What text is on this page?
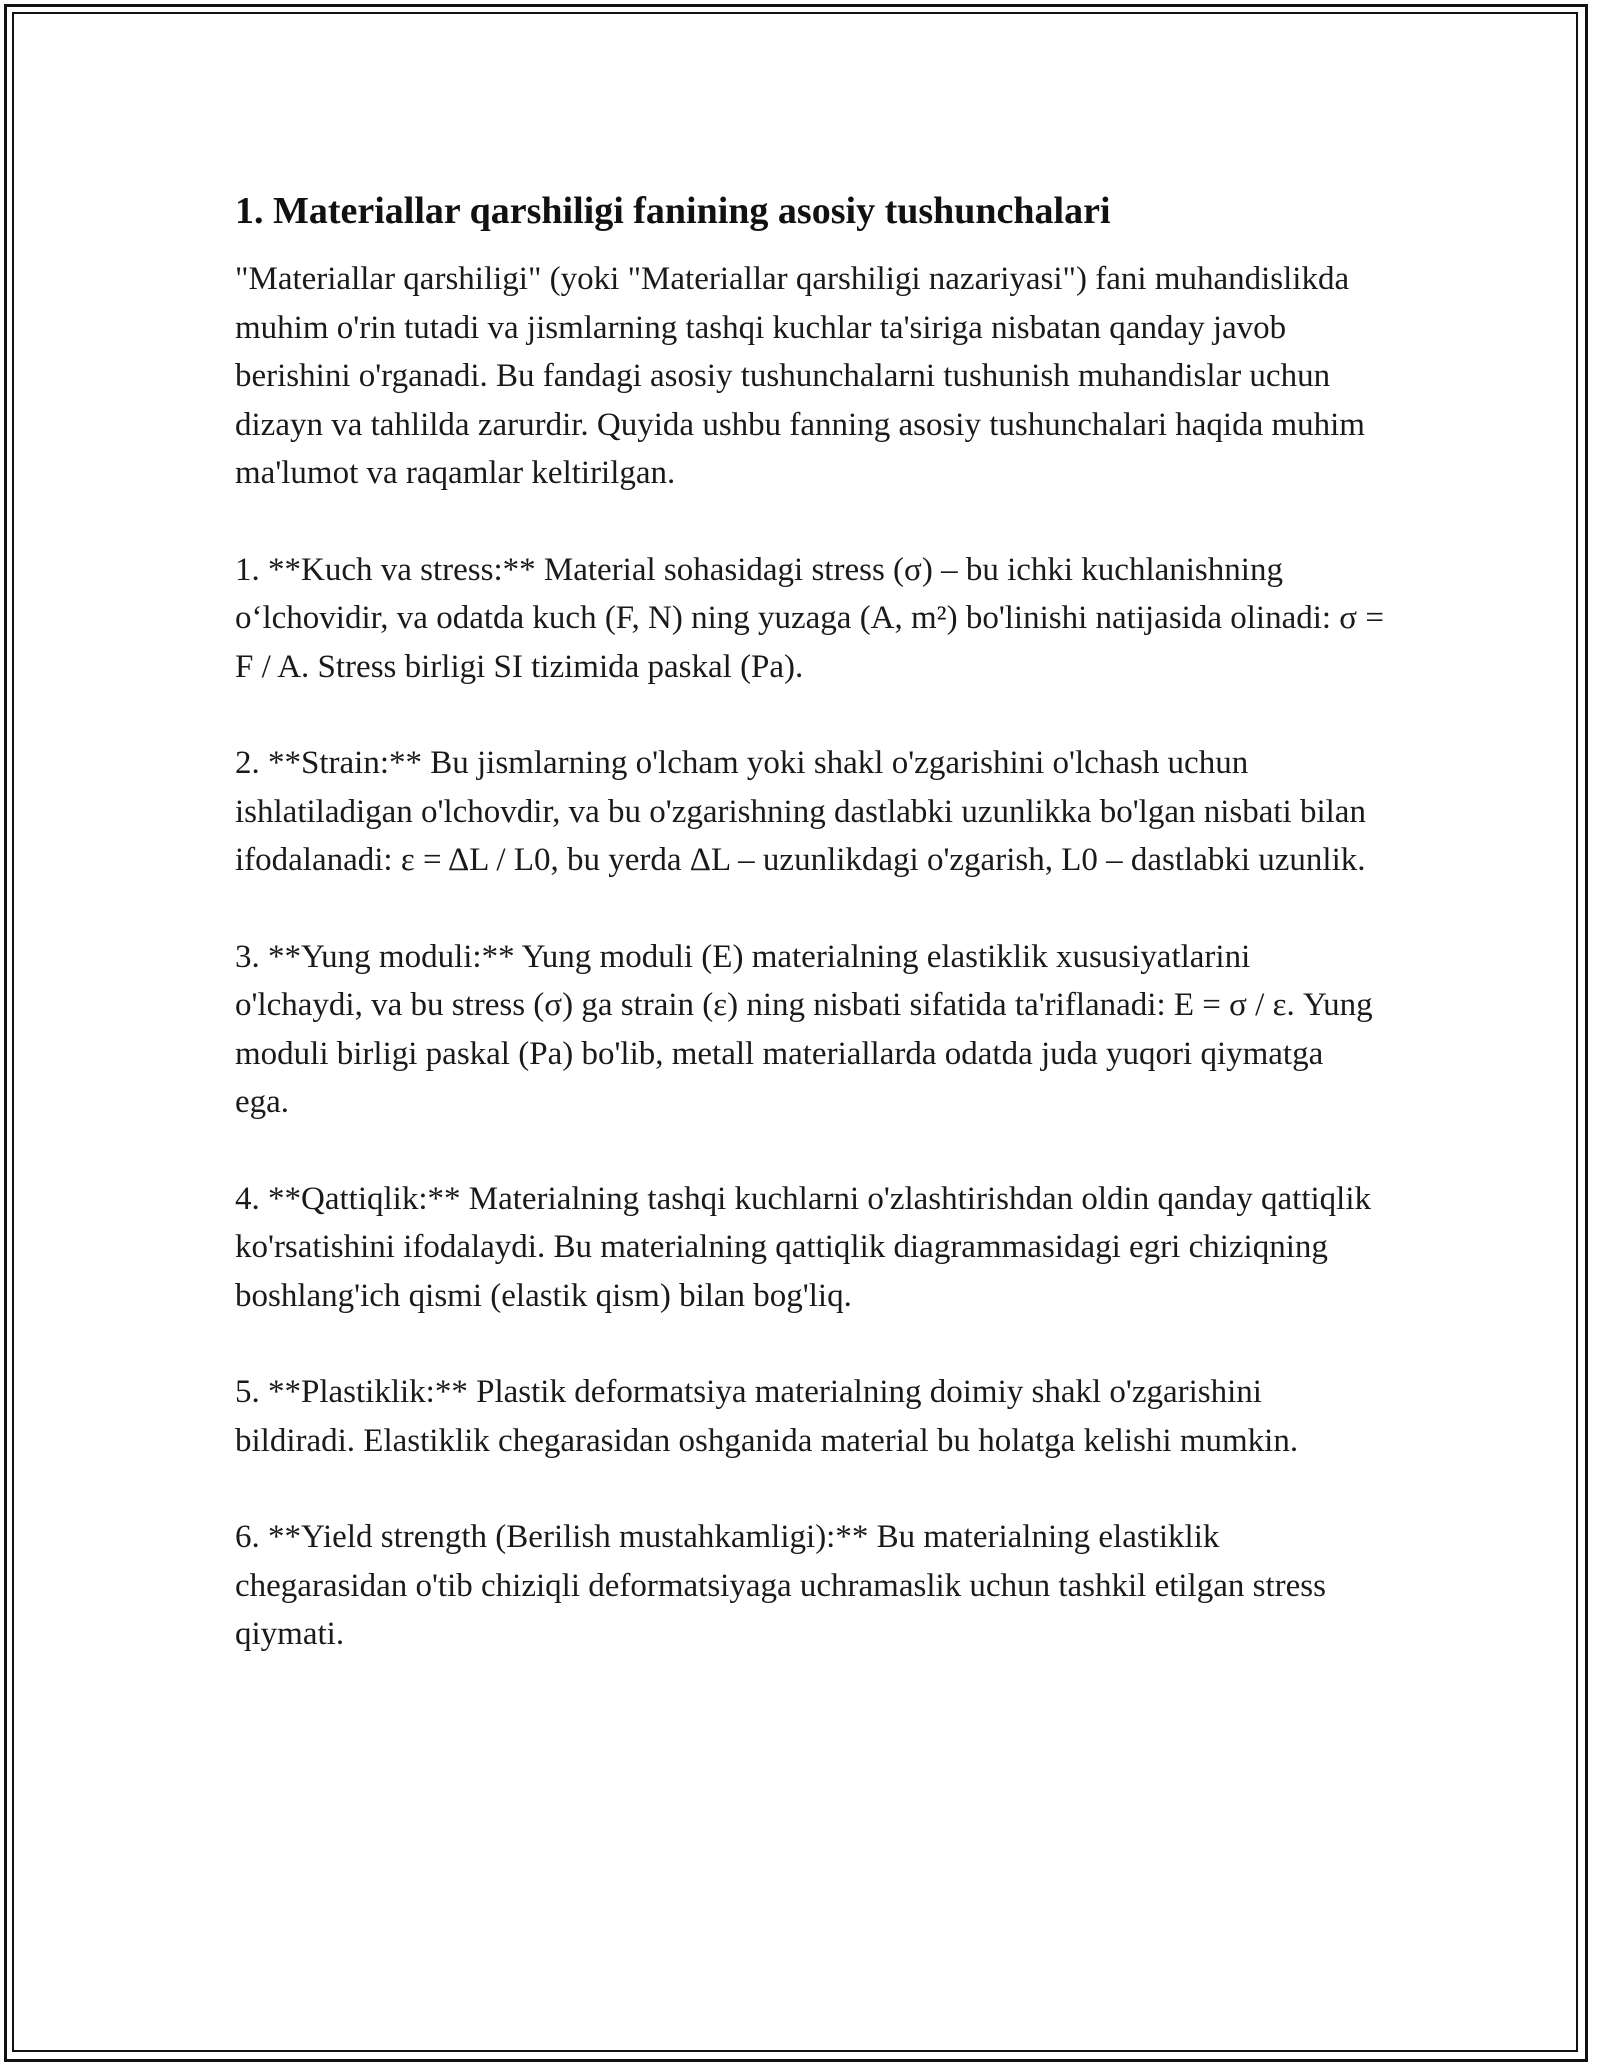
1. Materiallar qarshiligi fanining asosiy tushunchalari

"Materiallar qarshiligi" (yoki "Materiallar qarshiligi nazariyasi") fani muhandislikda muhim o'rin tutadi va jismlarning tashqi kuchlar ta'siriga nisbatan qanday javob berishini o'rganadi. Bu fandagi asosiy tushunchalarni tushunish muhandislar uchun dizayn va tahlilda zarurdir. Quyida ushbu fanning asosiy tushunchalari haqida muhim ma'lumot va raqamlar keltirilgan.

1. **Kuch va stress:** Material sohasidagi stress (σ) – bu ichki kuchlanishning o‘lchovidir, va odatda kuch (F, N) ning yuzaga (A, m²) bo'linishi natijasida olinadi: σ = F / A. Stress birligi SI tizimida paskal (Pa).

2. **Strain:** Bu jismlarning o'lcham yoki shakl o'zgarishini o'lchash uchun ishlatiladigan o'lchovdir, va bu o'zgarishning dastlabki uzunlikka bo'lgan nisbati bilan ifodalanadi: ε = ΔL / L0, bu yerda ΔL – uzunlikdagi o'zgarish, L0 – dastlabki uzunlik.

3. **Yung moduli:** Yung moduli (E) materialning elastiklik xususiyatlarini o'lchaydi, va bu stress (σ) ga strain (ε) ning nisbati sifatida ta'riflanadi: E = σ / ε. Yung moduli birligi paskal (Pa) bo'lib, metall materiallarda odatda juda yuqori qiymatga ega.

4. **Qattiqlik:** Materialning tashqi kuchlarni o'zlashtirishdan oldin qanday qattiqlik ko'rsatishini ifodalaydi. Bu materialning qattiqlik diagrammasidagi egri chiziqning boshlang'ich qismi (elastik qism) bilan bog'liq.

5. **Plastiklik:** Plastik deformatsiya materialning doimiy shakl o'zgarishini bildiradi. Elastiklik chegarasidan oshganida material bu holatga kelishi mumkin.

6. **Yield strength (Berilish mustahkamligi):** Bu materialning elastiklik chegarasidan o'tib chiziqli deformatsiyaga uchramaslik uchun tashkil etilgan stress qiymati.
